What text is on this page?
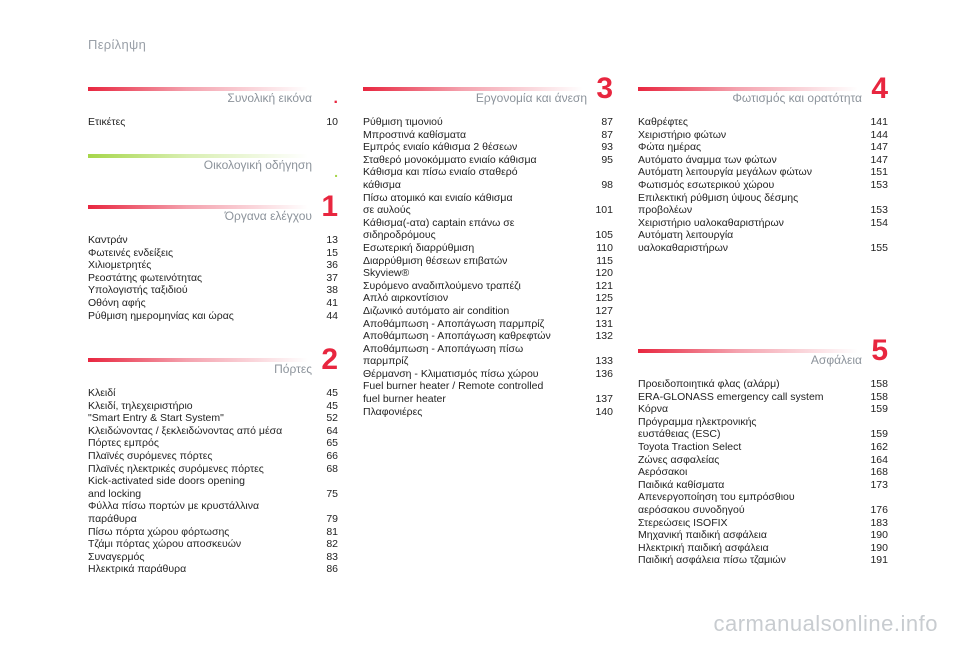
Περίληψη
Συνολική εικόνα .
Ετικέτες	10
Οικολογική οδήγηση .
Όργανα ελέγχου 1
Καντράν	13
Φωτεινές ενδείξεις	15
Χιλιομετρητές	36
Ρεοστάτης φωτεινότητας	37
Υπολογιστής ταξιδιού	38
Οθόνη αφής	41
Ρύθμιση ημερομηνίας και ώρας	44
Πόρτες 2
Κλειδί	45
Κλειδί, τηλεχειριστήριο	45
"Smart Entry & Start System"	52
Κλειδώνοντας / ξεκλειδώνοντας από μέσα	64
Πόρτες εμπρός	65
Πλαϊνές συρόμενες πόρτες	66
Πλαϊνές ηλεκτρικές συρόμενες πόρτες	68
Kick-activated side doors opening
and locking	75
Φύλλα πίσω πορτών με κρυστάλλινα
παράθυρα	79
Πίσω πόρτα χώρου φόρτωσης	81
Τζάμι πόρτας χώρου αποσκευών	82
Συναγερμός	83
Ηλεκτρικά παράθυρα	86
Εργονομία και άνεση 3
Ρύθμιση τιμονιού	87
Μπροστινά καθίσματα	87
Εμπρός ενιαίο κάθισμα 2 θέσεων	93
Σταθερό μονοκόμματο ενιαίο κάθισμα	95
Κάθισμα και πίσω ενιαίο σταθερό
κάθισμα	98
Πίσω ατομικό και ενιαίο κάθισμα
σε αυλούς	101
Κάθισμα(-ατα) captain επάνω σε
σιδηροδρόμους	105
Εσωτερική διαρρύθμιση	110
Διαρρύθμιση θέσεων επιβατών	115
Skyview®	120
Συρόμενο αναδιπλούμενο τραπέζι	121
Απλό αιρκοντίσιον	125
Διζωνικό αυτόματο air condition	127
Αποθάμπωση - Αποπάγωση παρμπρίζ	131
Αποθάμπωση - Αποπάγωση καθρεφτών	132
Αποθάμπωση - Αποπάγωση πίσω
παρμπρίζ	133
Θέρμανση - Κλιματισμός πίσω χώρου	136
Fuel burner heater / Remote controlled
fuel burner heater	137
Πλαφονιέρες	140
Φωτισμός και ορατότητα 4
Καθρέφτες	141
Χειριστήριο φώτων	144
Φώτα ημέρας	147
Αυτόματο άναμμα των φώτων	147
Αυτόματη λειτουργία μεγάλων φώτων	151
Φωτισμός εσωτερικού χώρου	153
Επιλεκτική ρύθμιση ύψους δέσμης
προβολέων	153
Χειριστήριο υαλοκαθαριστήρων	154
Αυτόματη λειτουργία
υαλοκαθαριστήρων	155
Ασφάλεια 5
Προειδοποιητικά φλας (αλάρμ)	158
ERA-GLONASS emergency call system	158
Κόρνα	159
Πρόγραμμα ηλεκτρονικής
ευστάθειας (ESC)	159
Toyota Traction Select	162
Ζώνες ασφαλείας	164
Αερόσακοι	168
Παιδικά καθίσματα	173
Απενεργοποίηση του εμπρόσθιου
αερόσακου συνοδηγού	176
Στερεώσεις ISOFIX	183
Μηχανική παιδική ασφάλεια	190
Ηλεκτρική παιδική ασφάλεια	190
Παιδική ασφάλεια πίσω τζαμιών	191
carmanualsonline.info
